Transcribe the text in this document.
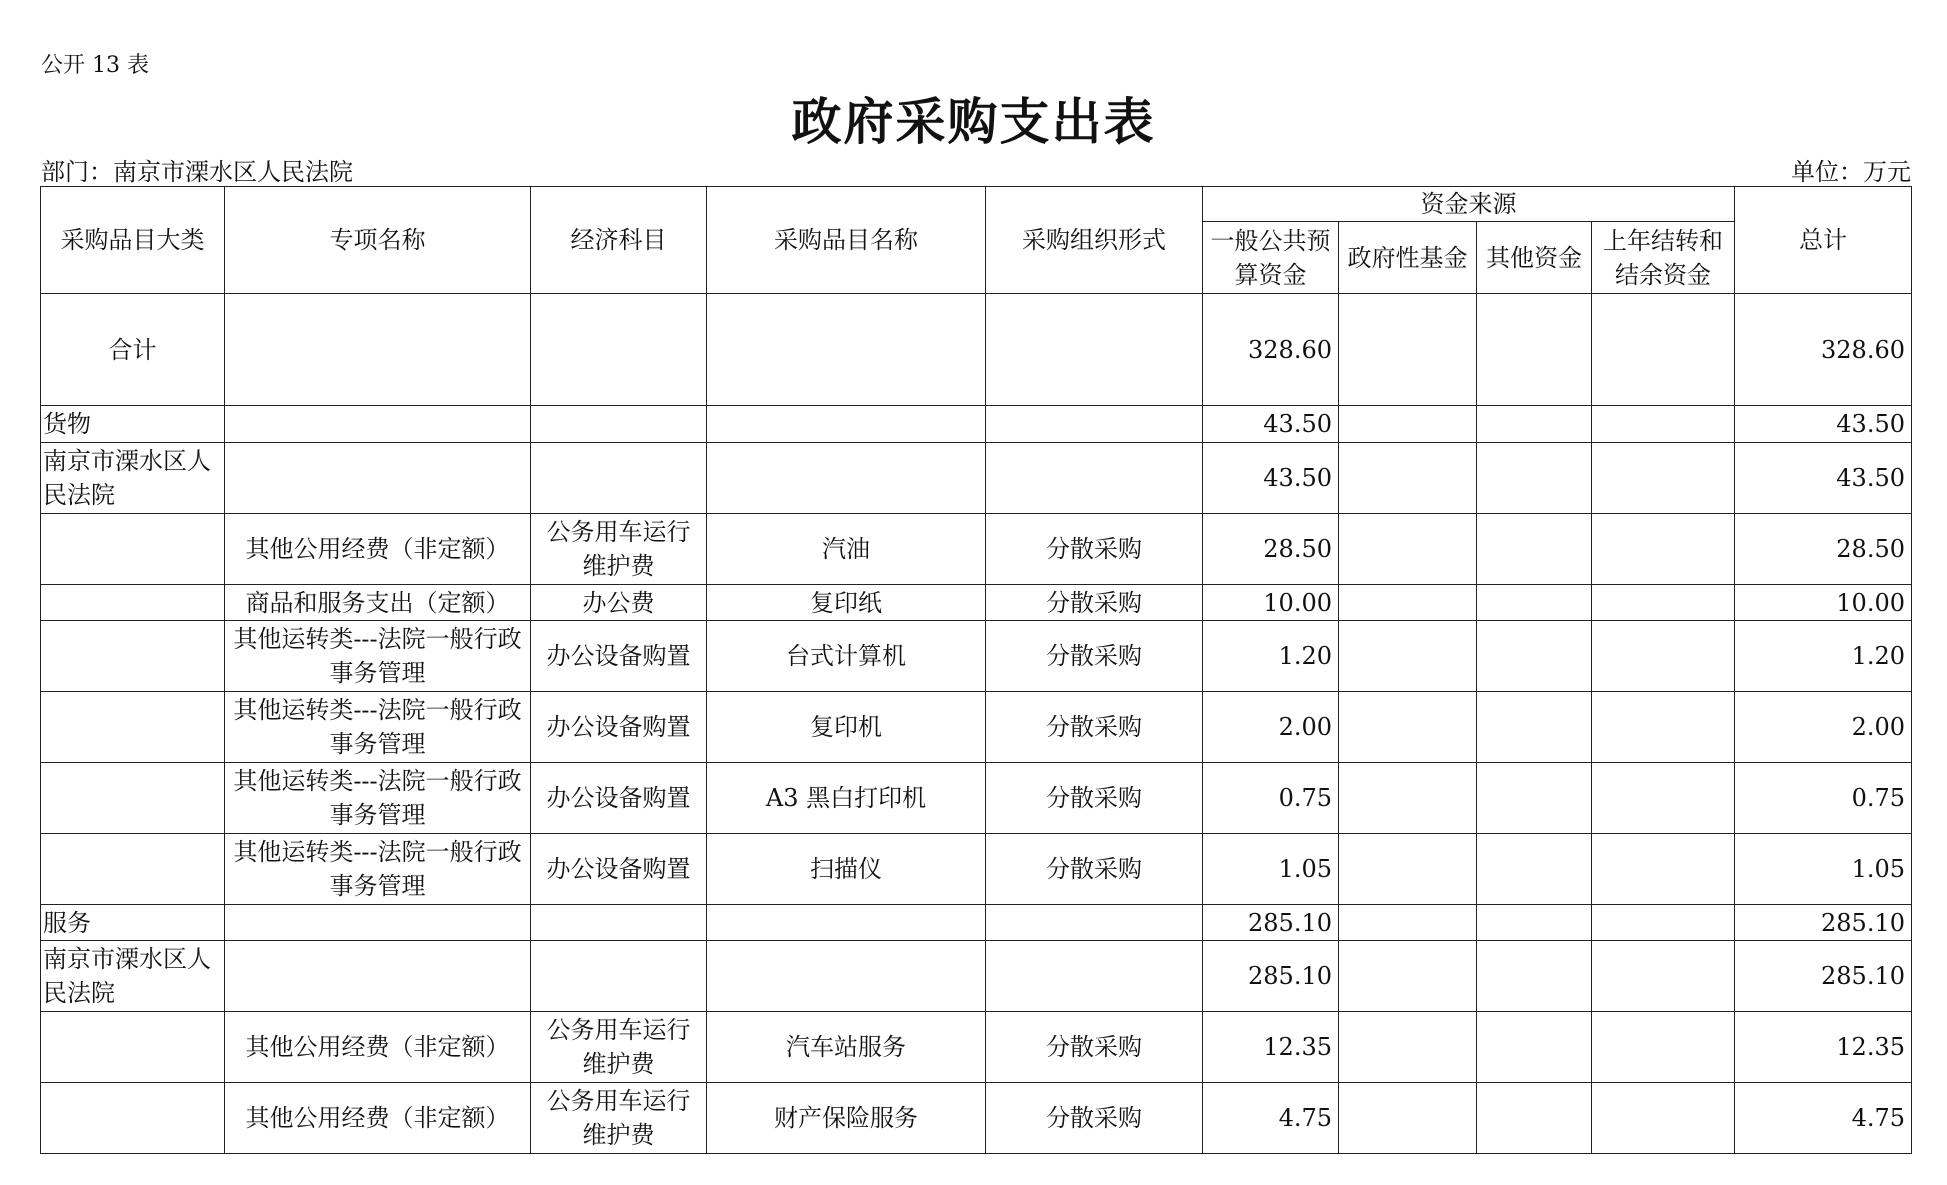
公开 13 表
政府采购支出表
部门：南京市溧水区人民法院	单位：万元
采购品目大类	专项名称	经济科目	采购品目名称	采购组织形式	资金来源				总计
					一般公共预算资金	政府性基金	其他资金	上年结转和结余资金	
合计					328.60				328.60
货物					43.50				43.50
南京市溧水区人民法院					43.50				43.50
	其他公用经费（非定额）	公务用车运行维护费	汽油	分散采购	28.50				28.50
	商品和服务支出（定额）	办公费	复印纸	分散采购	10.00				10.00
	其他运转类---法院一般行政事务管理	办公设备购置	台式计算机	分散采购	1.20				1.20
	其他运转类---法院一般行政事务管理	办公设备购置	复印机	分散采购	2.00				2.00
	其他运转类---法院一般行政事务管理	办公设备购置	A3 黑白打印机	分散采购	0.75				0.75
	其他运转类---法院一般行政事务管理	办公设备购置	扫描仪	分散采购	1.05				1.05
服务					285.10				285.10
南京市溧水区人民法院					285.10				285.10
	其他公用经费（非定额）	公务用车运行维护费	汽车站服务	分散采购	12.35				12.35
	其他公用经费（非定额）	公务用车运行维护费	财产保险服务	分散采购	4.75				4.75
